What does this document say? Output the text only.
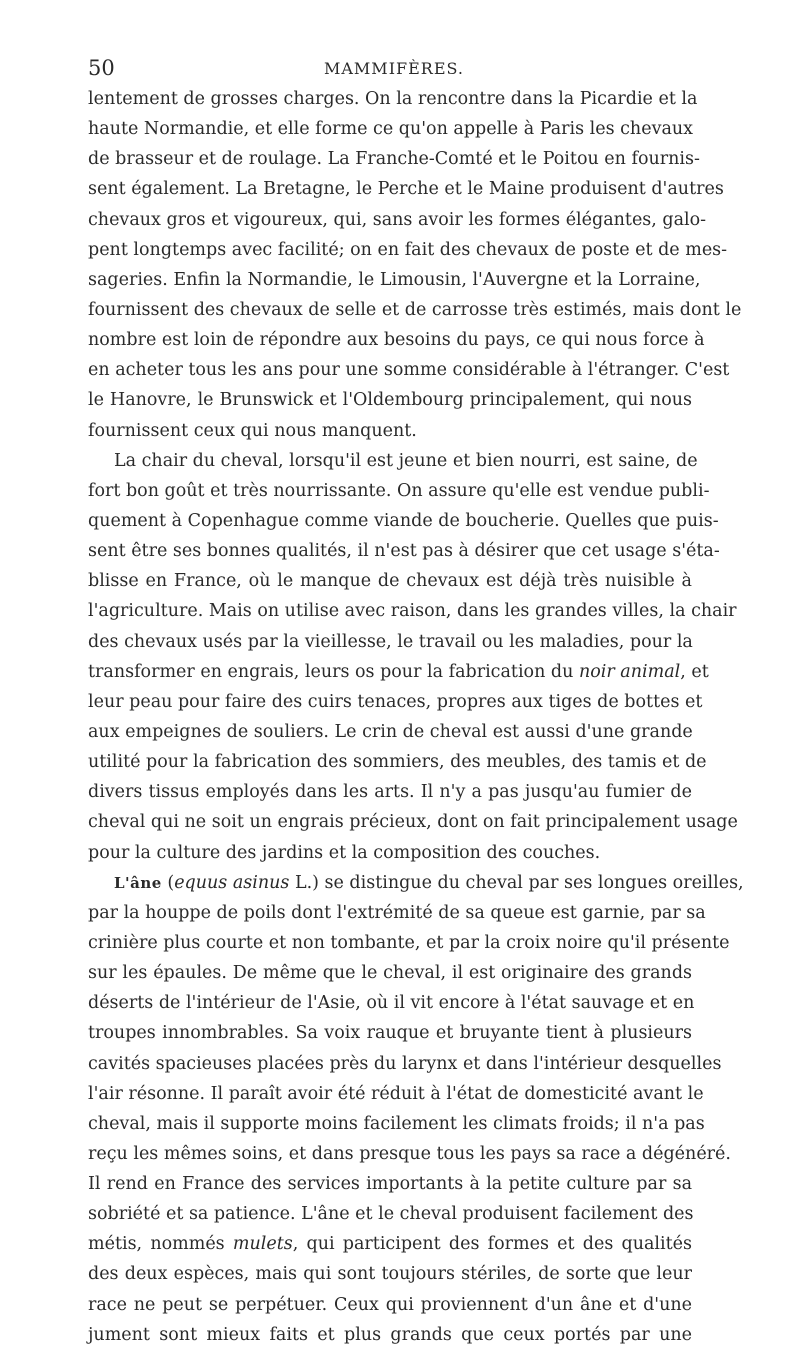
50	MAMMIFÈRES.
lentement de grosses charges. On la rencontre dans la Picardie et la
haute Normandie, et elle forme ce qu'on appelle à Paris les chevaux
de brasseur et de roulage. La Franche-Comté et le Poitou en fournis-
sent également. La Bretagne, le Perche et le Maine produisent d'autres
chevaux gros et vigoureux, qui, sans avoir les formes élégantes, galo-
pent longtemps avec facilité; on en fait des chevaux de poste et de mes-
sageries. Enfin la Normandie, le Limousin, l'Auvergne et la Lorraine,
fournissent des chevaux de selle et de carrosse très estimés, mais dont le
nombre est loin de répondre aux besoins du pays, ce qui nous force à
en acheter tous les ans pour une somme considérable à l'étranger. C'est
le Hanovre, le Brunswick et l'Oldembourg principalement, qui nous
fournissent ceux qui nous manquent.
La chair du cheval, lorsqu'il est jeune et bien nourri, est saine, de
fort bon goût et très nourrissante. On assure qu'elle est vendue publi-
quement à Copenhague comme viande de boucherie. Quelles que puis-
sent être ses bonnes qualités, il n'est pas à désirer que cet usage s'éta-
blisse en France, où le manque de chevaux est déjà très nuisible à
l'agriculture. Mais on utilise avec raison, dans les grandes villes, la chair
des chevaux usés par la vieillesse, le travail ou les maladies, pour la
transformer en engrais, leurs os pour la fabrication du noir animal, et
leur peau pour faire des cuirs tenaces, propres aux tiges de bottes et
aux empeignes de souliers. Le crin de cheval est aussi d'une grande
utilité pour la fabrication des sommiers, des meubles, des tamis et de
divers tissus employés dans les arts. Il n'y a pas jusqu'au fumier de
cheval qui ne soit un engrais précieux, dont on fait principalement usage
pour la culture des jardins et la composition des couches.
L'âne (equus asinus L.) se distingue du cheval par ses longues oreilles,
par la houppe de poils dont l'extrémité de sa queue est garnie, par sa
crinière plus courte et non tombante, et par la croix noire qu'il présente
sur les épaules. De même que le cheval, il est originaire des grands
déserts de l'intérieur de l'Asie, où il vit encore à l'état sauvage et en
troupes innombrables. Sa voix rauque et bruyante tient à plusieurs
cavités spacieuses placées près du larynx et dans l'intérieur desquelles
l'air résonne. Il paraît avoir été réduit à l'état de domesticité avant le
cheval, mais il supporte moins facilement les climats froids; il n'a pas
reçu les mêmes soins, et dans presque tous les pays sa race a dégénéré.
Il rend en France des services importants à la petite culture par sa
sobriété et sa patience. L'âne et le cheval produisent facilement des
métis, nommés mulets, qui participent des formes et des qualités
des deux espèces, mais qui sont toujours stériles, de sorte que leur
race ne peut se perpétuer. Ceux qui proviennent d'un âne et d'une
jument sont mieux faits et plus grands que ceux portés par une
